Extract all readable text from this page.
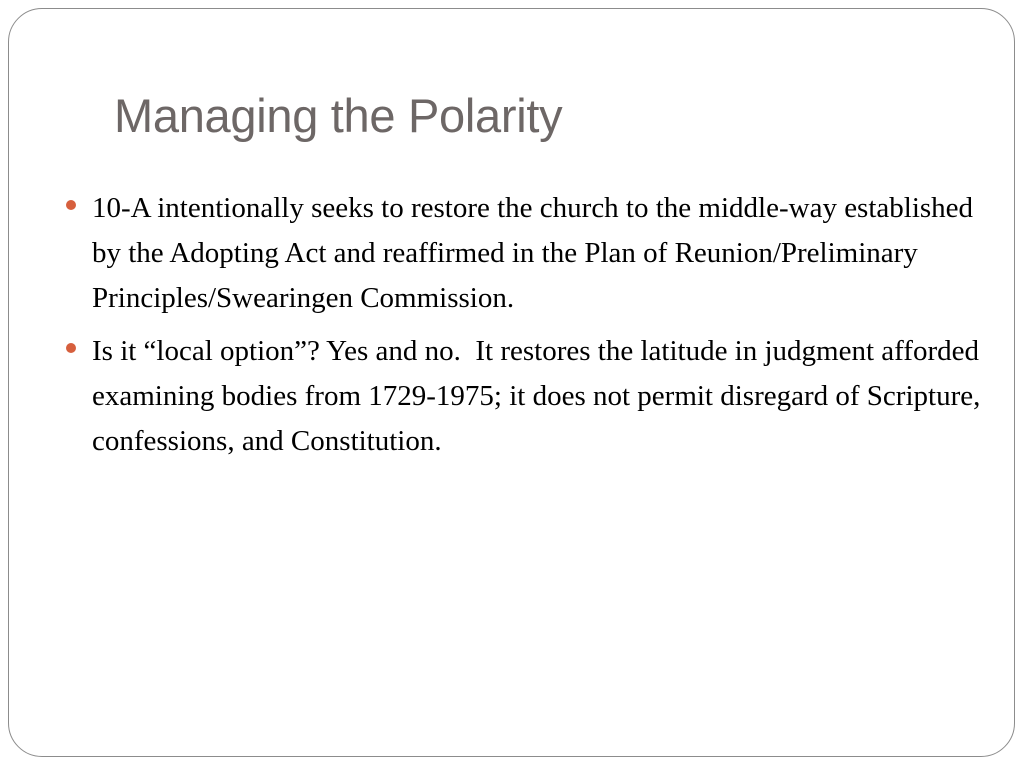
Managing the Polarity
10-A intentionally seeks to restore the church to the middle-way established by the Adopting Act and reaffirmed in the Plan of Reunion/Preliminary Principles/Swearingen Commission.
Is it “local option”? Yes and no.  It restores the latitude in judgment afforded examining bodies from 1729-1975; it does not permit disregard of Scripture, confessions, and Constitution.
